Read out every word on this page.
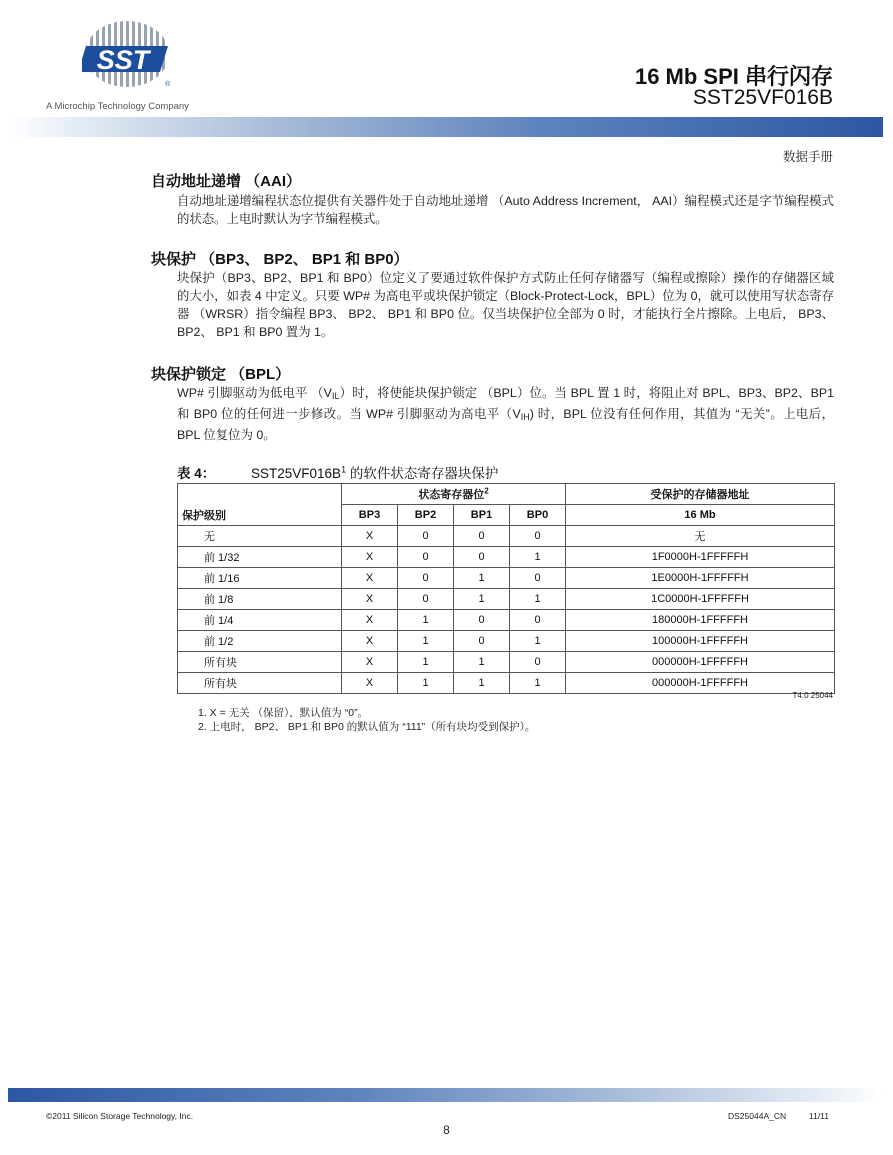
SST
®
A Microchip Technology Company
16 Mb SPI 串行闪存
SST25VF016B
数据手册
自动地址递增 （AAI）
自动地址递增编程状态位提供有关器件处于自动地址递增 （Auto Address Increment， AAI）编程模式还是字节编程模式的状态。上电时默认为字节编程模式。
块保护 （BP3、 BP2、 BP1 和 BP0）
块保护（BP3、BP2、BP1 和 BP0）位定义了要通过软件保护方式防止任何存储器写（编程或擦除）操作的存储器区域的大小，如表 4 中定义。只要 WP# 为高电平或块保护锁定（Block-Protect-Lock，BPL）位为 0，就可以使用写状态寄存器 （WRSR）指令编程 BP3、 BP2、 BP1 和 BP0 位。仅当块保护位全部为 0 时，才能执行全片擦除。上电后， BP3、 BP2、 BP1 和 BP0 置为 1。
块保护锁定 （BPL）
WP# 引脚驱动为低电平 $(V_{IL})$时，将使能块保护锁定 （BPL）位。当 BPL 置 1 时，将阻止对 BPL、BP3、BP2、BP1 和 BP0 位的任何进一步修改。当 WP# 引脚驱动为高电平$(V_{IH})$ 时，BPL 位没有任何作用，其值为 “无关”。上电后， BPL 位复位为 0。
表 4：	$SST25VF016B^1$ 的软件状态寄存器块保护
保护级别	状态寄存器位$^2$				受保护的存储器地址
	BP3	BP2	BP1	BP0	16 Mb
无	X	0	0	0	无
前 1/32	X	0	0	1	1F0000H-1FFFFFH
前 1/16	X	0	1	0	1E0000H-1FFFFFH
前 1/8	X	0	1	1	1C0000H-1FFFFFH
前 1/4	X	1	0	0	180000H-1FFFFFH
前 1/2	X	1	0	1	100000H-1FFFFFH
所有块	X	1	1	0	000000H-1FFFFFH
所有块	X	1	1	1	000000H-1FFFFFH
T4.0 25044
1. X = 无关 （保留），默认值为 “0”。
2. 上电时， BP2、 BP1 和 BP0 的默认值为 “111”（所有块均受到保护）。
©2011 Silicon Storage Technology, Inc.	DS25044A_CN	11/11
8
